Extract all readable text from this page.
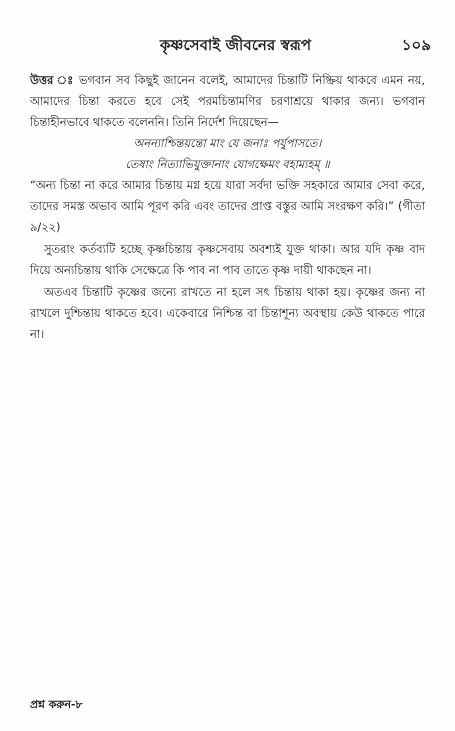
কৃষ্ণসেবাই জীবনের স্বরূপ	১০৯

উত্তর ঃ ভগবান সব কিছুই জানেন বলেই, আমাদের চিন্তাটি নিষ্ক্রিয় থাকবে এমন নয়, আমাদের চিন্তা করতে হবে সেই পরমচিন্তামণির চরণাশ্রয়ে থাকার জন্য। ভগবান চিন্তাহীনভাবে থাকতে বলেননি। তিনি নির্দেশ দিয়েছেন—

অনন্যাশ্চিন্তয়ন্তো মাং যে জনাঃ পর্যুপাসতে।
তেষাং নিত্যাভিযুক্তানাং যোগক্ষেমং বহাম্যহম্ ॥

“অন্য চিন্তা না করে আমার চিন্তায় মগ্ন হয়ে যারা সর্বদা ভক্তি সহকারে আমার সেবা করে, তাদের সমস্ত অভাব আমি পূরণ করি এবং তাদের প্রাপ্ত বস্তুর আমি সংরক্ষণ করি।” (গীতা ৯/২২)

সুতরাং কর্তব্যটি হচ্ছে কৃষ্ণচিন্তায় কৃষ্ণসেবায় অবশ্যই যুক্ত থাকা। আর যদি কৃষ্ণ বাদ দিয়ে অন্যচিন্তায় থাকি সেক্ষেত্রে কি পাব না পাব তাতে কৃষ্ণ দায়ী থাকছেন না।

অতএব চিন্তাটি কৃষ্ণের জন্যে রাখতে না হলে সৎ চিন্তায় থাকা হয়। কৃষ্ণের জন্য না রাখলে দুশ্চিন্তায় থাকতে হবে। একেবারে নিশ্চিন্ত বা চিন্তাশূন্য অবস্থায় কেউ থাকতে পারে না।

প্রশ্ন করুন-৮
